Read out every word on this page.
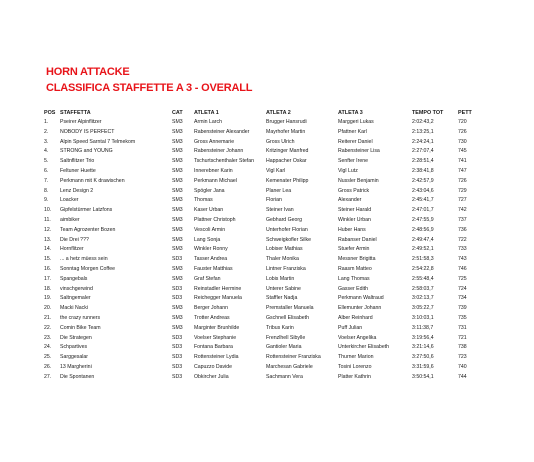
HORN ATTACKE
CLASSIFICA STAFFETTE A 3 - OVERALL
POS	STAFFETTA	CAT	ATLETA 1	ATLETA 2	ATLETA 3	TEMPO TOT	PETT
1.	Pseirer Alpinflitzer	SM3	Armin Larch	Brugger Hansrudi	Marggeri Lukas	2:02:43,2	720
2.	NOBODY IS PERFECT	SM3	Rabensteiner Alexander	Mayrhofer Martin	Pfattner Karl	2:13:25,1	726
3.	Alpin Speed Sarntal 7 Telmekom	SM3	Gross Annemarie	Gross Ulrich	Reiterer Daniel	2:24:24,1	730
4.	STRONG and YOUNG	SM3	Rabensteiner Johann	Kritzinger Manfred	Rabensteiner Lisa	2:27:07,4	745
5.	Saltnflitzer Trio	SM3	Tschurtschenthaler Stefan	Happacher Oskar	Senfter Irene	2:28:51,4	741
6.	Feltuner Huette	SM3	Innerebner Karin	Vigl Karl	Vigl Lutz	2:38:41,8	747
7.	Perkmann mit K drawischen	SM3	Perkmann Michael	Kemenater Philipp	Nussler Benjamin	2:42:57,9	726
8.	Lenz Design 2	SM3	Spögler Jana	Planer Lea	Gross Patrick	2:43:04,6	729
9.	Loacker	SM3	Thomas	Florian	Alexander	2:45:41,7	727
10.	Gipfelstürmer Latzfons	SM3	Kaser Urban	Steiner Ivan	Steiner Harald	2:47:01,7	742
11.	aimbiker	SM3	Plattner Christoph	Gebhard Georg	Winkler Urban	2:47:55,9	737
12.	Team Agrozenter Bozen	SM3	Vescoli Armin	Unterhofer Florian	Huber Hans	2:48:56,9	736
13.	Die Drei ???	SM3	Lang Sonja	Schweigkofler Silke	Rabanser Daniel	2:49:47,4	722
14.	Hornflitzer	SM3	Winkler Ronny	Lobiser Mathias	Stuefer Armin	2:49:52,1	733
15.	... a hetz müess sein	SD3	Tasser Andrea	Thaler Monika	Messner Brigitta	2:51:58,3	743
16.	Sonntag Morgen Coffee	SM3	Fauster Matthias	Lintner Franziska	Raasm Matteo	2:54:22,8	746
17.	Spangebals	SM3	Graf Stefan	Lobis Martin	Lang Thomas	2:55:48,4	725
18.	vinschgerwind	SD3	Reinstadler Hermine	Unterer Sabine	Gasser Edith	2:58:03,7	724
19.	Saltngemaler	SD3	Reichegger Manuela	Staffler Nadja	Perkmann Waltraud	3:02:13,7	734
20.	Macki Nacki	SM3	Berger Johann	Premstaller Manuela	Ellemunter Johann	3:05:22,7	739
21.	the crazy runners	SM3	Trotter Andreas	Gschnell Elisabeth	Alber Reinhard	3:10:03,1	735
22.	Comin Bike Team	SM3	Marginter Brunhilde	Tribus Karin	Puff Julian	3:11:38,7	731
23.	Die Strategen	SD3	Voelser Stephanie	Frenzlhell Sibylle	Voelser Angelika	3:19:56,4	721
24.	Schpartives	SD3	Fontana Barbara	Gantioler Maria	Unterkircher Elisabeth	3:21:14,6	738
25.	Sarggesalar	SD3	Rottensteiner Lydia	Rottensteiner Franziska	Thurner Marion	3:27:50,6	723
26.	13 Margherini	SD3	Capuzzo Davide	Marchesan Gabriele	Tosini Lorenzo	3:31:59,6	740
27.	Die Spontanen	SD3	Obkircher Julia	Sachmann Vera	Platter Kathrin	3:50:54,1	744
